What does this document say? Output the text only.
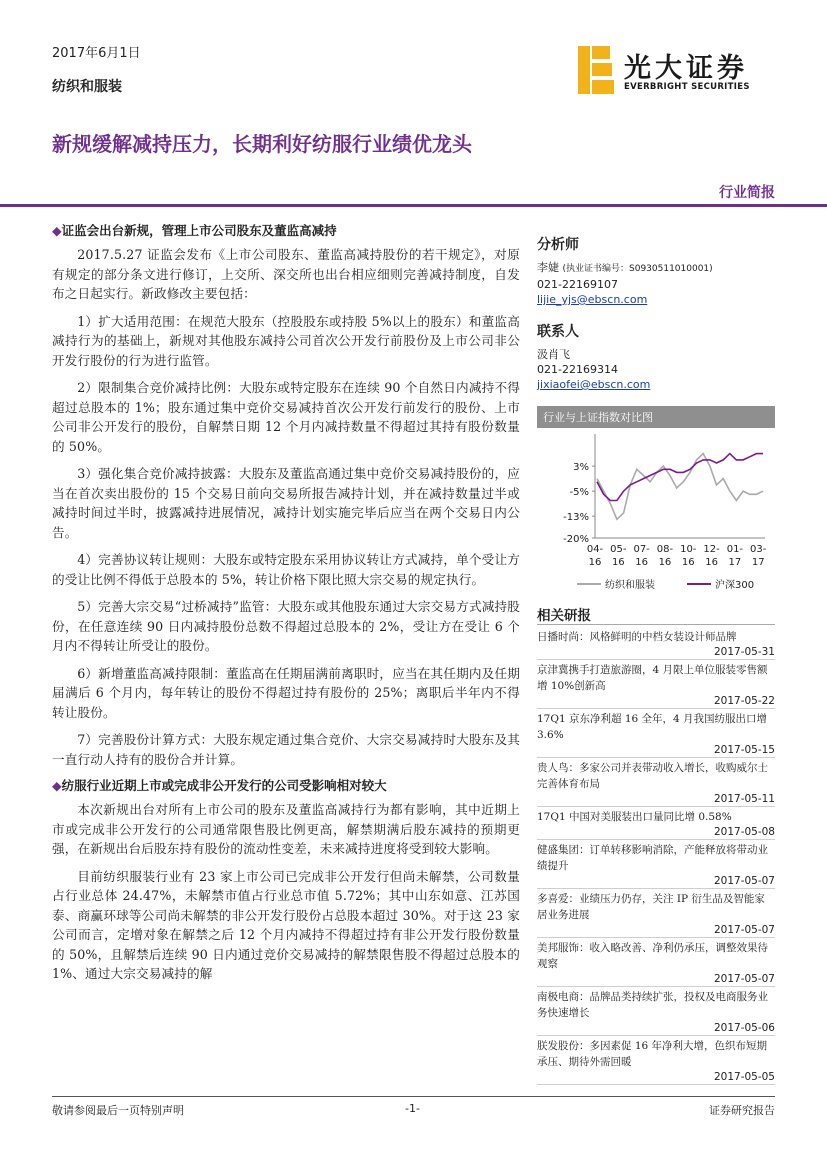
2017年6月1日
纺织和服装
光大证券
EVERBRIGHT SECURITIES
新规缓解减持压力，长期利好纺服行业绩优龙头
行业简报
◆证监会出台新规，管理上市公司股东及董监高减持

2017.5.27 证监会发布《上市公司股东、董监高减持股份的若干规定》，对原有规定的部分条文进行修订，上交所、深交所也出台相应细则完善减持制度，自发布之日起实行。新政修改主要包括：

1）扩大适用范围：在规范大股东（控股股东或持股 5%以上的股东）和董监高减持行为的基础上，新规对其他股东减持公司首次公开发行前股份及上市公司非公开发行股份的行为进行监管。

2）限制集合竞价减持比例：大股东或特定股东在连续 90 个自然日内减持不得超过总股本的 1%；股东通过集中竞价交易减持首次公开发行前发行的股份、上市公司非公开发行的股份，自解禁日期 12 个月内减持数量不得超过其持有股份数量的 50%。

3）强化集合竞价减持披露：大股东及董监高通过集中竞价交易减持股份的，应当在首次卖出股份的 15 个交易日前向交易所报告减持计划，并在减持数量过半或减持时间过半时，披露减持进展情况，减持计划实施完毕后应当在两个交易日内公告。

4）完善协议转让规则：大股东或特定股东采用协议转让方式减持，单个受让方的受让比例不得低于总股本的 5%，转让价格下限比照大宗交易的规定执行。

5）完善大宗交易“过桥减持”监管：大股东或其他股东通过大宗交易方式减持股份，在任意连续 90 日内减持股份总数不得超过总股本的 2%，受让方在受让 6 个月内不得转让所受让的股份。

6）新增董监高减持限制：董监高在任期届满前离职时，应当在其任期内及任期届满后 6 个月内，每年转让的股份不得超过持有股份的 25%；离职后半年内不得转让股份。

7）完善股份计算方式：大股东规定通过集合竞价、大宗交易减持时大股东及其一直行动人持有的股份合并计算。

◆纺服行业近期上市或完成非公开发行的公司受影响相对较大

本次新规出台对所有上市公司的股东及董监高减持行为都有影响，其中近期上市或完成非公开发行的公司通常限售股比例更高，解禁期满后股东减持的预期更强，在新规出台后股东持有股份的流动性变差，未来减持进度将受到较大影响。

目前纺织服装行业有 23 家上市公司已完成非公开发行但尚未解禁，公司数量占行业总体 24.47%，未解禁市值占行业总市值 5.72%；其中山东如意、江苏国泰、商赢环球等公司尚未解禁的非公开发行股份占总股本超过 30%。对于这 23 家公司而言，定增对象在解禁之后 12 个月内减持不得超过持有非公开发行股份数量的 50%，且解禁后连续 90 日内通过竞价交易减持的解禁限售股不得超过总股本的 1%、通过大宗交易减持的解

分析师
李婕 (执业证书编号：S0930511010001)
021-22169107
lijie_yjs@ebscn.com
联系人
汲肖飞
021-22169314
jixiaofei@ebscn.com
行业与上证指数对比图
3%
-5%
-13%
-20%
04-
16
05-
16
07-
16
08-
16
10-
16
12-
16
01-
17
03-
17
纺织和服装	沪深300
相关研报
日播时尚：风格鲜明的中档女装设计师品牌
2017-05-31
京津冀携手打造旅游圈，4 月限上单位服装零售额增 10%创新高
2017-05-22
17Q1 京东净利超 16 全年，4 月我国纺服出口增 3.6%
2017-05-15
贵人鸟：多家公司并表带动收入增长，收购威尔士完善体育布局
2017-05-11
17Q1 中国对美服装出口量同比增 0.58%
2017-05-08
健盛集团：订单转移影响消除，产能释放将带动业绩提升
2017-05-07
多喜爱：业绩压力仍存，关注 IP 衍生品及智能家居业务进展
2017-05-07
美邦服饰：收入略改善、净利仍承压，调整效果待观察
2017-05-07
南极电商：品牌品类持续扩张，投权及电商服务业务快速增长
2017-05-06
朕发股份：多因素促 16 年净利大增，色织布短期承压、期待外需回暖
2017-05-05
敬请参阅最后一页特别声明	-1-	证券研究报告
